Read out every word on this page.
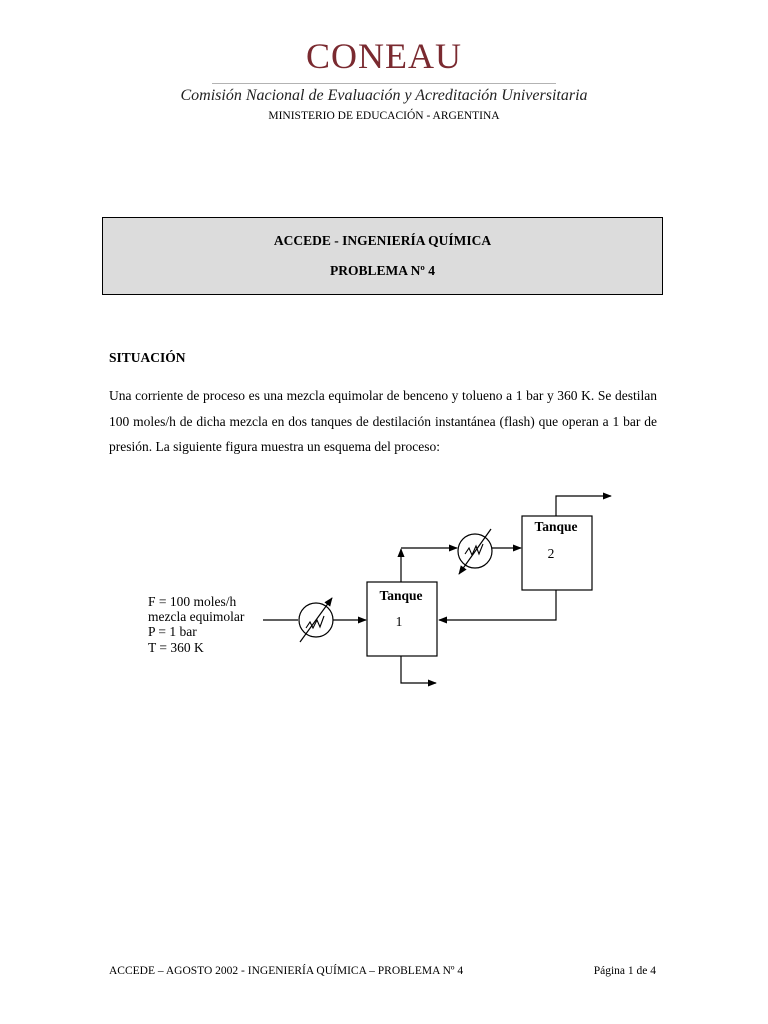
CONEAU
Comisión Nacional de Evaluación y Acreditación Universitaria
MINISTERIO DE EDUCACIÓN - ARGENTINA
ACCEDE - INGENIERÍA QUÍMICA
PROBLEMA Nº 4
SITUACIÓN
Una corriente de proceso es una mezcla equimolar de benceno y tolueno a 1 bar y 360 K. Se destilan 100 moles/h de dicha mezcla en dos tanques de destilación instantánea (flash) que operan a 1 bar de presión. La siguiente figura muestra un esquema del proceso:
F = 100 moles/h
mezcla equimolar
P = 1 bar
T = 360 K
Tanque
1
Tanque
2
ACCEDE – AGOSTO 2002 - INGENIERÍA QUÍMICA – PROBLEMA Nº 4	Página 1 de 4
